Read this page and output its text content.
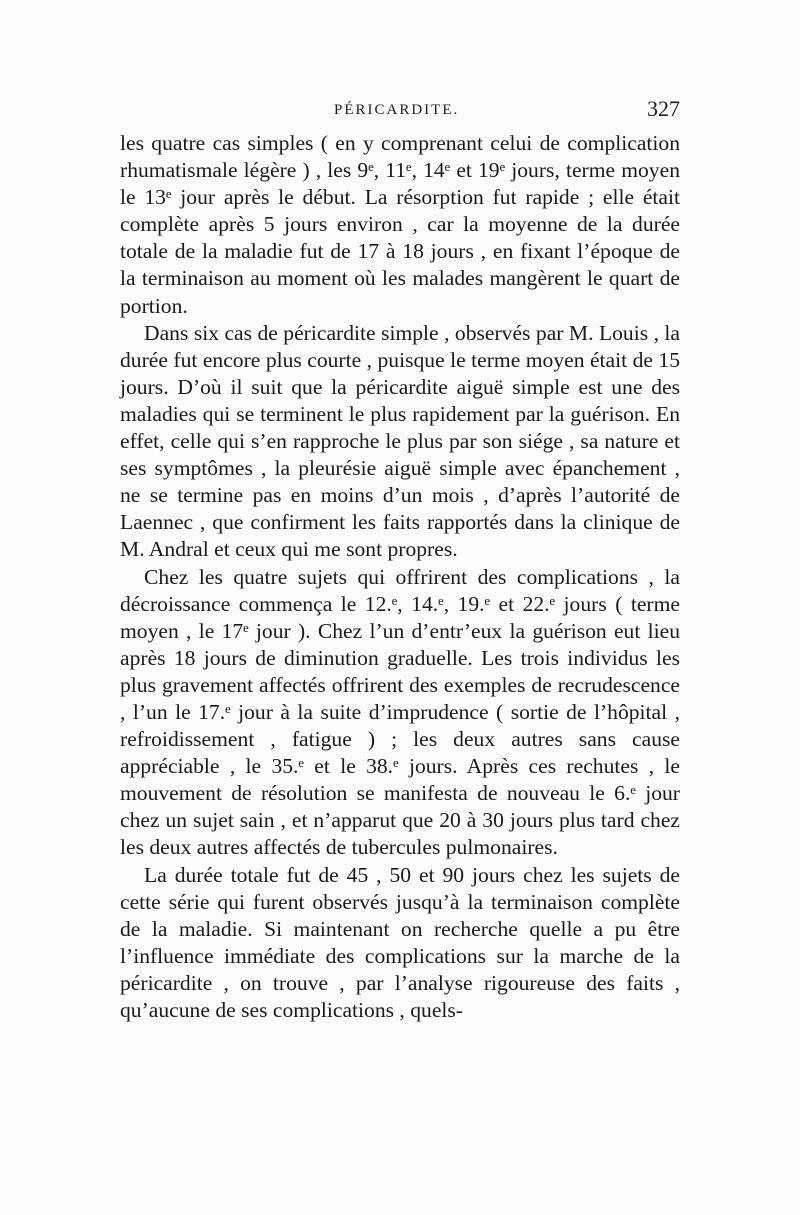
PÉRICARDITE.	327

les quatre cas simples ( en y comprenant celui de complication rhumatismale légère ) , les 9ᵉ, 11ᵉ, 14ᵉ et 19ᵉ jours, terme moyen le 13ᵉ jour après le début. La résorption fut rapide ; elle était complète après 5 jours environ , car la moyenne de la durée totale de la maladie fut de 17 à 18 jours , en fixant l’époque de la terminaison au moment où les malades mangèrent le quart de portion.

Dans six cas de péricardite simple , observés par M. Louis , la durée fut encore plus courte , puisque le terme moyen était de 15 jours. D’où il suit que la péricardite aiguë simple est une des maladies qui se terminent le plus rapidement par la guérison. En effet, celle qui s’en rapproche le plus par son siége , sa nature et ses symptômes , la pleurésie aiguë simple avec épanchement , ne se termine pas en moins d’un mois , d’après l’autorité de Laennec , que confirment les faits rapportés dans la clinique de M. Andral et ceux qui me sont propres.

Chez les quatre sujets qui offrirent des complications , la décroissance commença le 12.ᵉ, 14.ᵉ, 19.ᵉ et 22.ᵉ jours ( terme moyen , le 17ᵉ jour ). Chez l’un d’entr’eux la guérison eut lieu après 18 jours de diminution graduelle. Les trois individus les plus gravement affectés offrirent des exemples de recrudescence , l’un le 17.ᵉ jour à la suite d’imprudence ( sortie de l’hôpital , refroidissement , fatigue ) ; les deux autres sans cause appréciable , le 35.ᵉ et le 38.ᵉ jours. Après ces rechutes , le mouvement de résolution se manifesta de nouveau le 6.ᵉ jour chez un sujet sain , et n’apparut que 20 à 30 jours plus tard chez les deux autres affectés de tubercules pulmonaires.

La durée totale fut de 45 , 50 et 90 jours chez les sujets de cette série qui furent observés jusqu’à la terminaison complète de la maladie. Si maintenant on recherche quelle a pu être l’influence immédiate des complications sur la marche de la péricardite , on trouve , par l’analyse rigoureuse des faits , qu’aucune de ses complications , quels-
